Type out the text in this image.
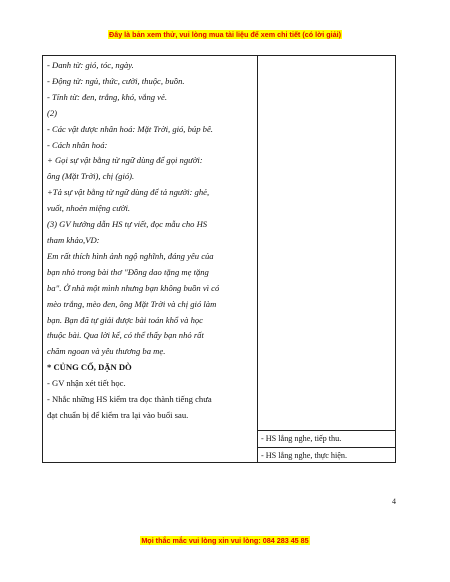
Đây là bản xem thử, vui lòng mua tài liệu để xem chi tiết (có lời giải)
- Danh từ: gió, tóc, ngày.
- Động từ: ngủ, thức, cười, thuộc, buồn.
- Tính từ: đen, trắng, khó, vắng vẻ.
(2)
- Các vật được nhân hoá: Mặt Trời, gió, búp bê.
- Cách nhân hoá:
+ Gọi sự vật bằng từ ngữ dùng để gọi người:
ông (Mặt Trời), chị (gió).
+Tả sự vật bằng từ ngữ dùng để tả người: ghẻ,
vuốt, nhoẻn miệng cười.
(3) GV hướng dẫn HS tự viết, đọc mẫu cho HS
tham khảo,VD:
Em rất thích hình ảnh ngộ nghĩnh, đáng yêu của
bạn nhỏ trong bài thơ "Đồng dao tặng mẹ tặng
ba". Ở nhà một mình nhưng bạn không buồn vì có
mèo trắng, mèo đen, ông Mặt Trời và chị gió làm
bạn. Bạn đã tự giải được bài toán khổ và học
thuộc bài. Qua lời kể, có thể thấy bạn nhỏ rất
chăm ngoan và yêu thương ba mẹ.
* CỦNG CỐ, DẶN DÒ
- GV nhận xét tiết học.
- Nhắc những HS kiểm tra đọc thành tiếng chưa
đạt chuẩn bị để kiểm tra lại vào buổi sau.
- HS lắng nghe, tiếp thu.
- HS lắng nghe, thực hiện.
4
Mọi thắc mắc vui lòng xin vui lòng: 084 283 45 85
